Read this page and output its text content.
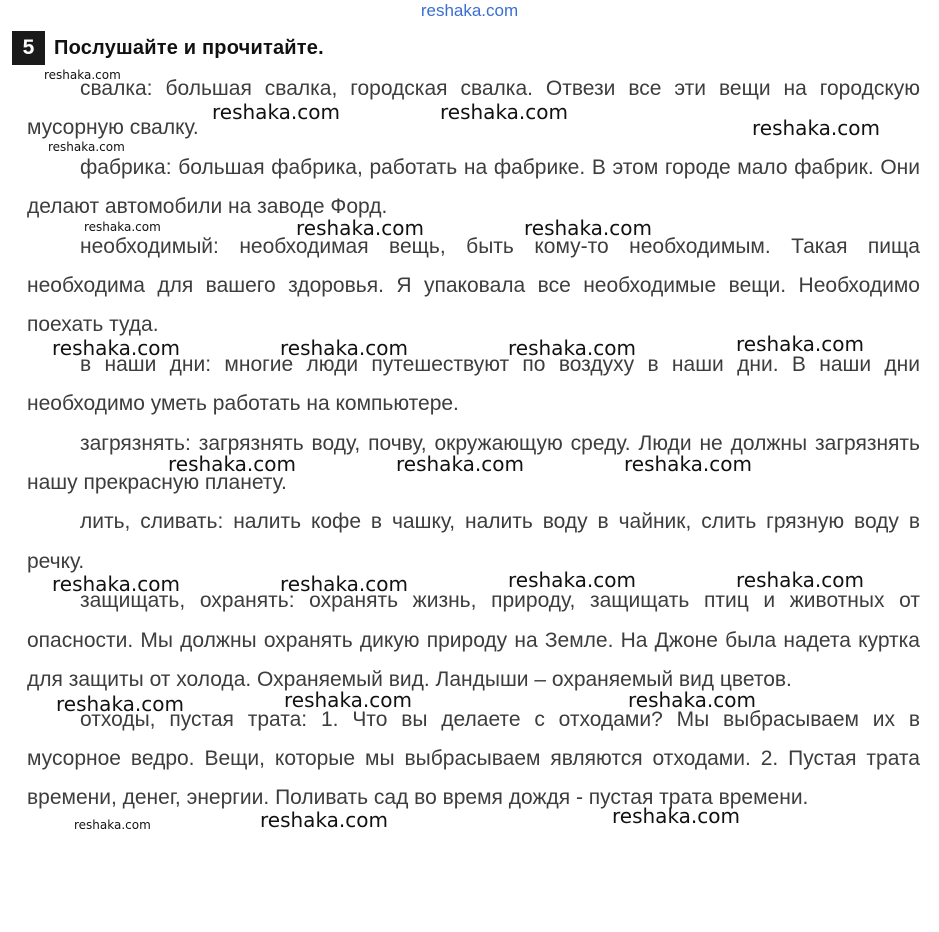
reshaka.com
5 Послушайте и прочитайте.

свалка: большая свалка, городская свалка. Отвези все эти вещи на городскую мусорную свалку.

фабрика: большая фабрика, работать на фабрике. В этом городе мало фабрик. Они делают автомобили на заводе Форд.

необходимый: необходимая вещь, быть кому-то необходимым. Такая пища необходима для вашего здоровья. Я упаковала все необходимые вещи. Необходимо поехать туда.

в наши дни: многие люди путешествуют по воздуху в наши дни. В наши дни необходимо уметь работать на компьютере.

загрязнять: загрязнять воду, почву, окружающую среду. Люди не должны загрязнять нашу прекрасную планету.

лить, сливать: налить кофе в чашку, налить воду в чайник, слить грязную воду в речку.

защищать, охранять: охранять жизнь, природу, защищать птиц и животных от опасности. Мы должны охранять дикую природу на Земле. На Джоне была надета куртка для защиты от холода. Охраняемый вид. Ландыши – охраняемый вид цветов.

отходы, пустая трата: 1. Что вы делаете с отходами? Мы выбрасываем их в мусорное ведро. Вещи, которые мы выбрасываем являются отходами. 2. Пустая трата времени, денег, энергии. Поливать сад во время дождя - пустая трата времени.

reshaka.com
reshaka.com	reshaka.com
reshaka.com
reshaka.com
reshaka.com	reshaka.com	reshaka.com
reshaka.com	reshaka.com	reshaka.com	reshaka.com
reshaka.com	reshaka.com	reshaka.com
reshaka.com	reshaka.com	reshaka.com	reshaka.com
reshaka.com	reshaka.com	reshaka.com
reshaka.com	reshaka.com	reshaka.com
